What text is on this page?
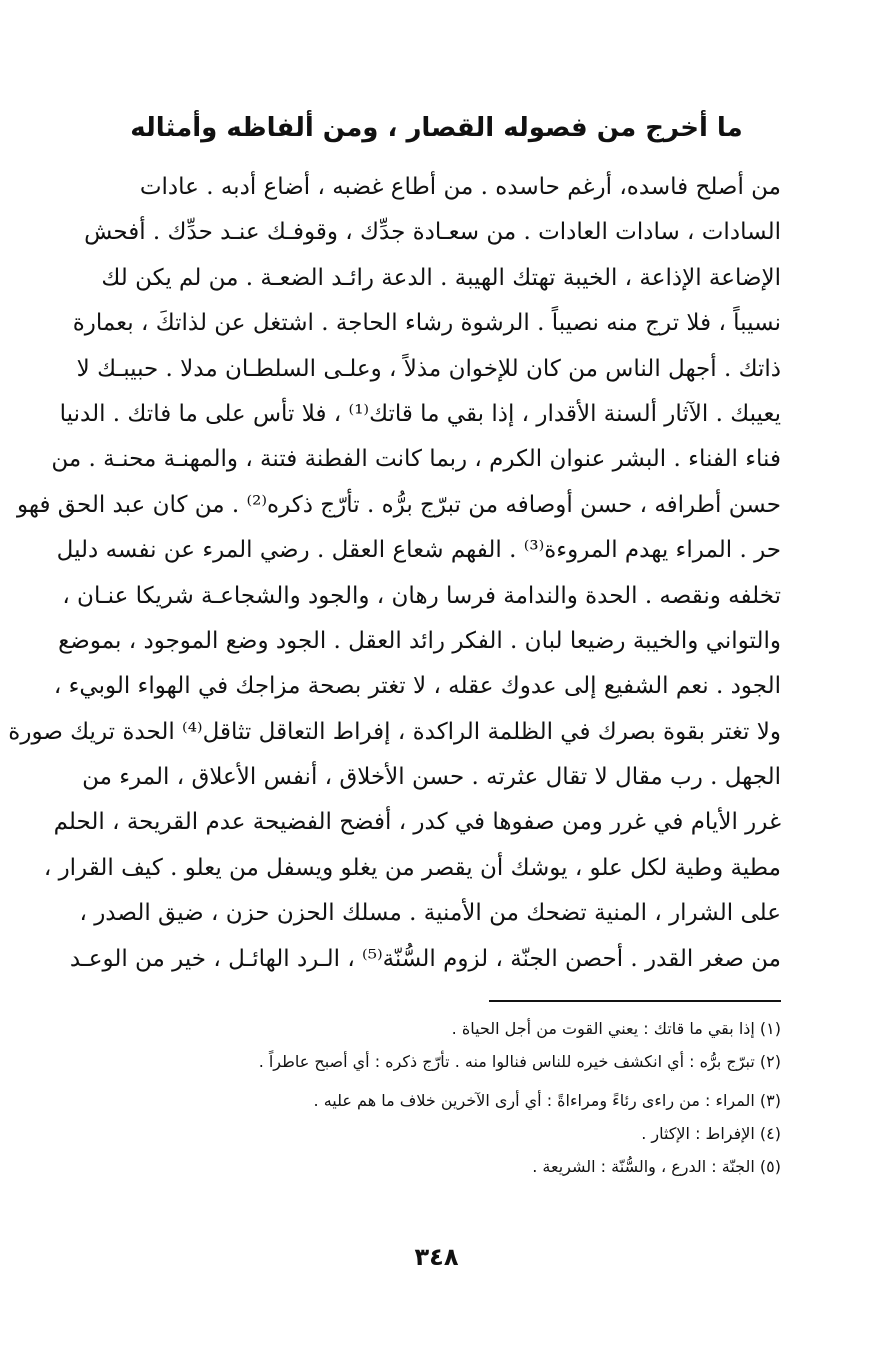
ما أخرج من فصوله القصار ، ومن ألفاظه وأمثاله
من أصلح فاسده، أرغم حاسده . من أطاع غضبه ، أضاع أدبه . عادات
السادات ، سادات العادات . من سعـادة جدِّك ، وقوفـك عنـد حدِّك . أفحش
الإضاعة الإذاعة ، الخيبة تهتك الهيبة . الدعة رائـد الضعـة . من لم يكن لك
نسيباً ، فلا ترج منه نصيباً . الرشوة رشاء الحاجة . اشتغل عن لذاتكَ ، بعمارة
ذاتك . أجهل الناس من كان للإخوان مذلاً ، وعلـى السلطـان مدلا . حبيبـك لا
يعيبك . الآثار ألسنة الأقدار ، إذا بقي ما قاتك⁽¹⁾ ، فلا تأس على ما فاتك . الدنيا
فناء الفناء . البشر عنوان الكرم ، ربما كانت الفطنة فتنة ، والمهنـة محنـة . من
حسن أطرافه ، حسن أوصافه من تبرّج برُّه . تأرّج ذكره⁽²⁾ . من كان عبد الحق فهو
حر . المراء يهدم المروءة⁽³⁾ . الفهم شعاع العقل . رضي المرء عن نفسه دليل
تخلفه ونقصه . الحدة والندامة فرسا رهان ، والجود والشجاعـة شريكا عنـان ،
والتواني والخيبة رضيعا لبان . الفكر رائد العقل . الجود وضع الموجود ، بموضع
الجود . نعم الشفيع إلى عدوك عقله ، لا تغتر بصحة مزاجك في الهواء الوبيء ،
ولا تغتر بقوة بصرك في الظلمة الراكدة ، إفراط التعاقل تثاقل⁽⁴⁾ الحدة تريك صورة
الجهل . رب مقال لا تقال عثرته . حسن الأخلاق ، أنفس الأعلاق ، المرء من
غرر الأيام في غرر ومن صفوها في كدر ، أفضح الفضيحة عدم القريحة ، الحلم
مطية وطية لكل علو ، يوشك أن يقصر من يغلو ويسفل من يعلو . كيف القرار ،
على الشرار ، المنية تضحك من الأمنية . مسلك الحزن حزن ، ضيق الصدر ،
من صغر القدر . أحصن الجنّة ، لزوم السُّنّة⁽⁵⁾ ، الـرد الهائـل ، خير من الوعـد
(١) إذا بقي ما قاتك : يعني القوت من أجل الحياة .
(٢) تبرّج برُّه : أي انكشف خيره للناس فنالوا منه . تأرّج ذكره : أي أصبح عاطراً .
(٣) المراء : من راءى رئاءً ومراءاةً : أي أرى الآخرين خلاف ما هم عليه .
(٤) الإفراط : الإكثار .
(٥) الجنّة : الدرع ، والسُّنّة : الشريعة .
٣٤٨
